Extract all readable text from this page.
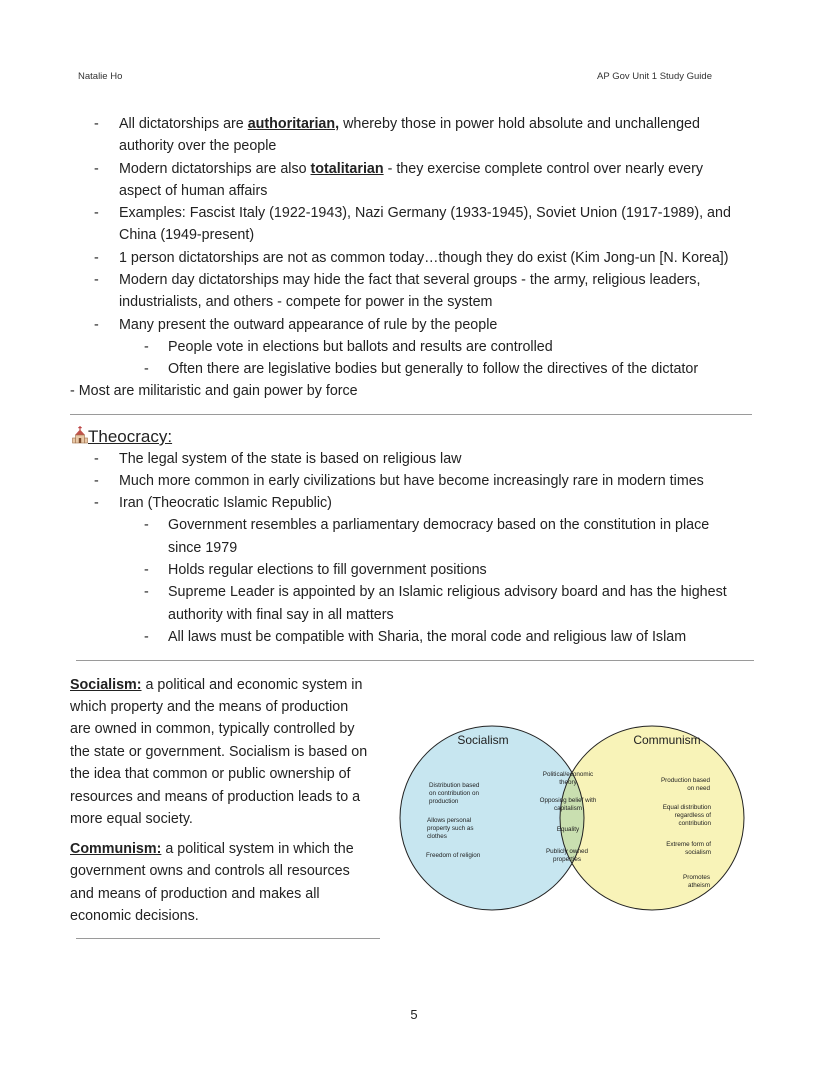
Natalie Ho	AP Gov Unit 1 Study Guide
- All dictatorships are authoritarian, whereby those in power hold absolute and unchallenged
authority over the people
- Modern dictatorships are also totalitarian - they exercise complete control over nearly every
aspect of human affairs
- Examples: Fascist Italy (1922-1943), Nazi Germany (1933-1945), Soviet Union (1917-1989), and
China (1949-present)
- 1 person dictatorships are not as common today…though they do exist (Kim Jong-un [N. Korea])
- Modern day dictatorships may hide the fact that several groups - the army, religious leaders,
industrialists, and others - compete for power in the system
- Many present the outward appearance of rule by the people
- People vote in elections but ballots and results are controlled
- Often there are legislative bodies but generally to follow the directives of the dictator
- Most are militaristic and gain power by force
Theocracy:
- The legal system of the state is based on religious law
- Much more common in early civilizations but have become increasingly rare in modern times
- Iran (Theocratic Islamic Republic)
- Government resembles a parliamentary democracy based on the constitution in place
since 1979
- Holds regular elections to fill government positions
- Supreme Leader is appointed by an Islamic religious advisory board and has the highest
authority with final say in all matters
- All laws must be compatible with Sharia, the moral code and religious law of Islam
Socialism: a political and economic system in
which property and the means of production
are owned in common, typically controlled by
the state or government. Socialism is based on
the idea that common or public ownership of
resources and means of production leads to a
more equal society.
Communism: a political system in which the
government owns and controls all resources
and means of production and makes all
economic decisions.
Socialism	Communism
Distribution based
on contribution on
production
Allows personal
property such as
clothes
Freedom of religion
Political/economic
theory
Opposing belief with
capitalism
Equality
Publicly owned
properties
Production based
on need
Equal distribution
regardless of
contribution
Extreme form of
socialism
Promotes
atheism
5
